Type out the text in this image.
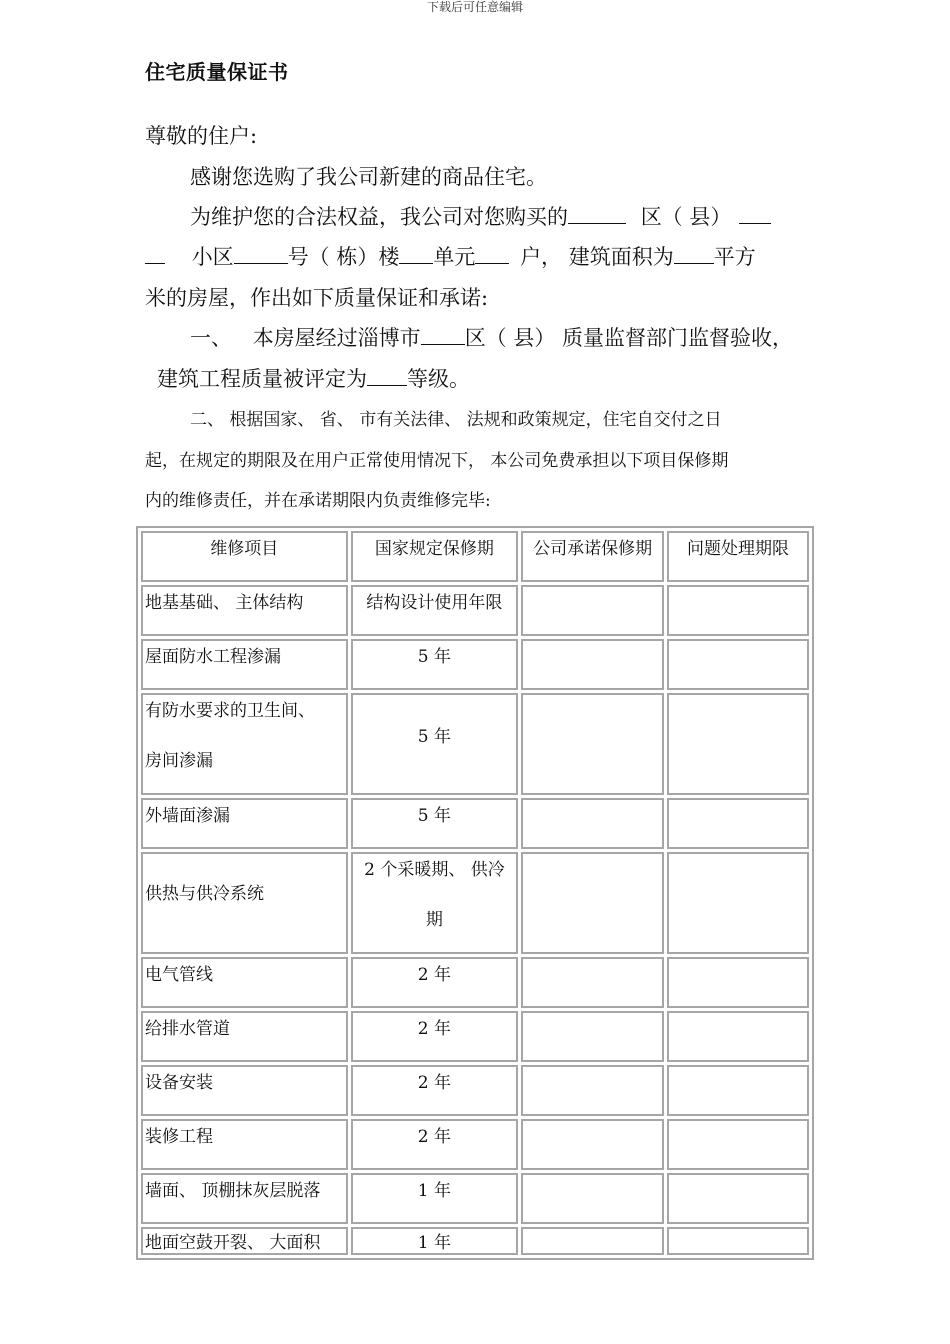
下载后可任意编辑
住宅质量保证书
尊敬的住户:
感谢您选购了我公司新建的商品住宅。
为维护您的合法权益，我公司对您购买的	区（ 县）
小区	号（ 栋）楼 单元 户， 建筑面积为 平方
米的房屋，作出如下质量保证和承诺:
一、 本房屋经过淄博市 区（ 县） 质量监督部门监督验收，
建筑工程质量被评定为 等级。
二、 根据国家、 省、 市有关法律、 法规和政策规定，住宅自交付之日
起，在规定的期限及在用户正常使用情况下， 本公司免费承担以下项目保修期
内的维修责任，并在承诺期限内负责维修完毕:
维修项目	国家规定保修期	公司承诺保修期	问题处理期限
地基基础、 主体结构	结构设计使用年限		
屋面防水工程渗漏	5 年		

有防水要求的卫生间、
房间渗漏	5 年		
外墙面渗漏	5 年		
供热与供冷系统	2 个采暖期、 供冷
期		

电气管线	2 年		
给排水管道	2 年		
设备安装	2 年		
装修工程	2 年		
墙面、 顶棚抹灰层脱落	1 年		
地面空鼓开裂、 大面积	1 年		
